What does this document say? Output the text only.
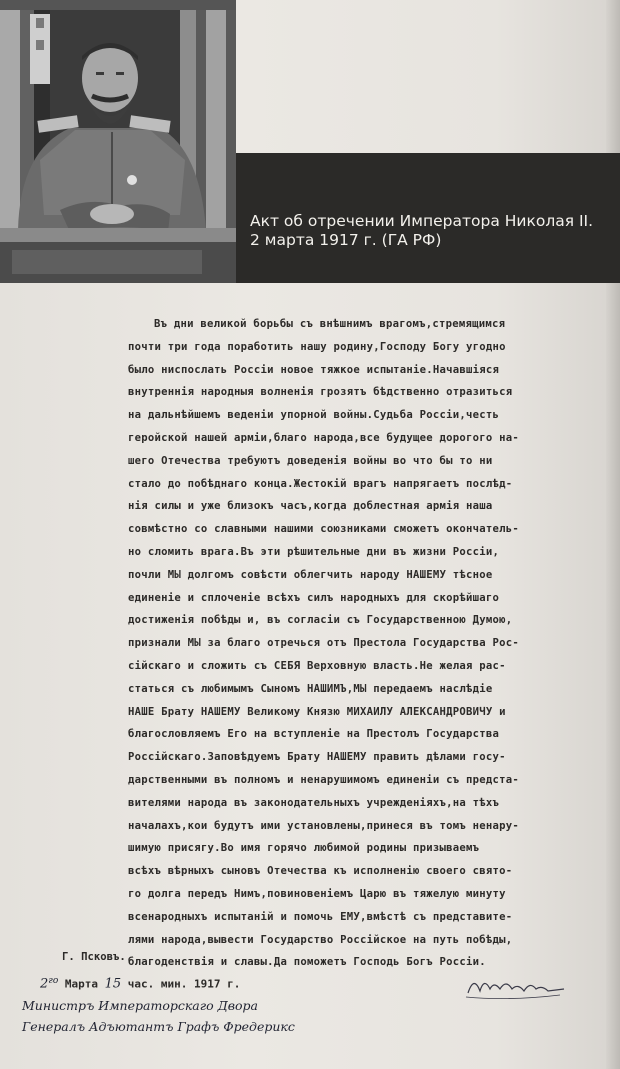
Акт об отречении Императора Николая II.
2 марта 1917 г. (ГА РФ)
Въ дни великой борьбы съ внѣшнимъ врагомъ,стремящимся
почти три года поработить нашу родину,Господу Богу угодно
было ниспослать Россіи новое тяжкое испытаніе.Начавшіяся
внутреннія народныя волненія грозятъ бѣдственно отразиться
на дальнѣйшемъ веденіи упорной войны.Судьба Россіи,честь
геройской нашей арміи,благо народа,все будущее дорогого на-
шего Отечества требуютъ доведенія войны во что бы то ни
стало до побѣднаго конца.Жестокій врагъ напрягаетъ послѣд-
нія силы и уже близокъ часъ,когда доблестная армія наша
совмѣстно со славными нашими союзниками сможетъ окончатель-
но сломить врага.Въ эти рѣшительные дни въ жизни Россіи,
почли МЫ долгомъ совѣсти облегчить народу НАШЕМУ тѣсное
единеніе и сплоченіе всѣхъ силъ народныхъ для скорѣйшаго
достиженія побѣды и, въ согласіи съ Государственною Думою,
признали МЫ за благо отречься отъ Престола Государства Рос-
сійскаго и сложить съ СЕБЯ Верховную власть.Не желая рас-
статься съ любимымъ Сыномъ НАШИМЪ,МЫ передаемъ наслѣдіе
НАШЕ Брату НАШЕМУ Великому Князю МИХАИЛУ АЛЕКСАНДРОВИЧУ и
благословляемъ Его на вступленіе на Престолъ Государства
Россійскаго.Заповѣдуемъ Брату НАШЕМУ править дѣлами госу-
дарственными въ полномъ и ненарушимомъ единеніи съ предста-
вителями народа въ законодательныхъ учрежденіяхъ,на тѣхъ
началахъ,кои будутъ ими установлены,принеся въ томъ ненару-
шимую присягу.Во имя горячо любимой родины призываемъ
всѣхъ вѣрныхъ сыновъ Отечества къ исполненію своего свято-
го долга передъ Нимъ,повиновеніемъ Царю въ тяжелую минуту
всенародныхъ испытаній и помочь ЕМУ,вмѣстѣ съ представите-
лями народа,вывести Государство Россійское на путь побѣды,
благоденствія и славы.Да поможетъ Господь Богъ Россіи.
Г. Псковъ.
$2^{го}$ Марта 15 час. мин. 1917 г.
Министръ Императорскаго Двора
Генералъ Адъютантъ Графъ Фредерикс
